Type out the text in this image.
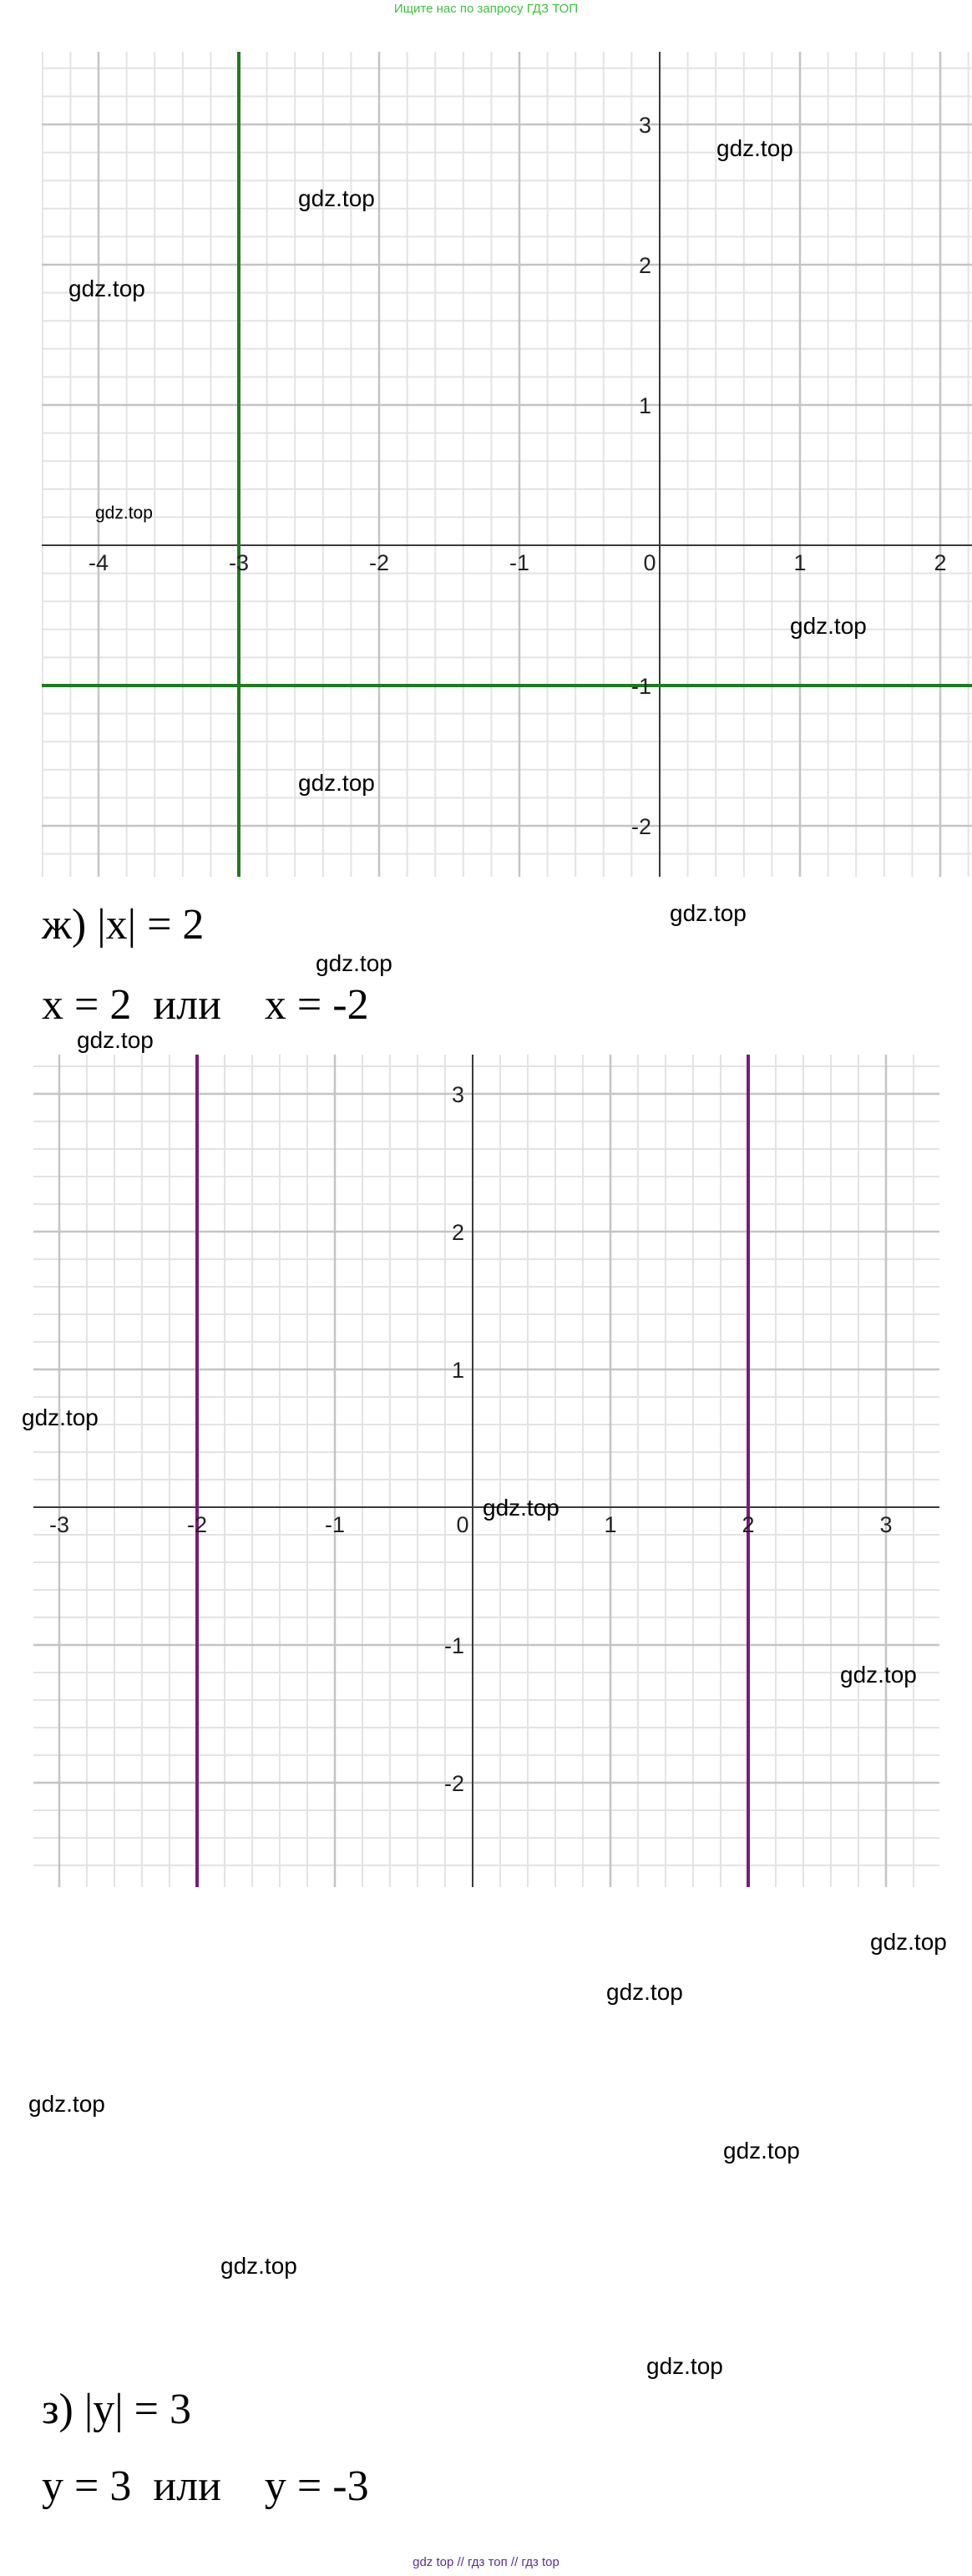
Ищите нас по запросу ГДЗ ТОП
-4	-3	-2	-1	0	1	2
3
2
1
-1
-2
ж) |x| = 2
x = 2  или    x = -2
-3	-2	-1	0	1	2	3
3
2
1
-1
-2
з) |y| = 3
y = 3  или    y = -3
gdz.top
gdz.top
gdz.top
gdz.top
gdz.top
gdz.top
gdz.top
gdz.top
gdz.top
gdz.top
gdz.top
gdz.top
gdz.top
gdz.top
gdz.top
gdz.top
gdz.top
gdz.top
gdz top // гдз топ // гдз top
